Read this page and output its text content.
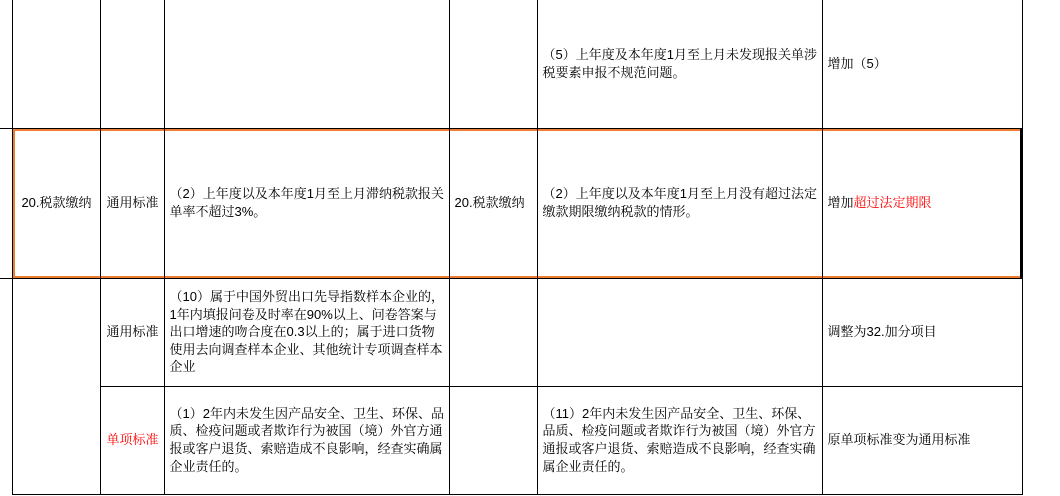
					（5）上年度及本年度1月至上月未发现报关单涉税要素申报不规范问题。	增加（5）	
	20.税款缴纳	通用标准	（2）上年度以及本年度1月至上月滞纳税款报关单率不超过3%。	20.税款缴纳	（2）上年度以及本年度1月至上月没有超过法定缴款期限缴纳税款的情形。	增加超过法定期限	
		通用标准	（10）属于中国外贸出口先导指数样本企业的，1年内填报问卷及时率在90%以上、问卷答案与出口增速的吻合度在0.3以上的；属于进口货物使用去向调查样本企业、其他统计专项调查样本企业			调整为32.加分项目	
		单项标准	（1）2年内未发生因产品安全、卫生、环保、品质、检疫问题或者欺诈行为被国（境）外官方通报或客户退货、索赔造成不良影响，经查实确属企业责任的。		（11）2年内未发生因产品安全、卫生、环保、品质、检疫问题或者欺诈行为被国（境）外官方通报或客户退货、索赔造成不良影响，经查实确属企业责任的。	原单项标准变为通用标准	
